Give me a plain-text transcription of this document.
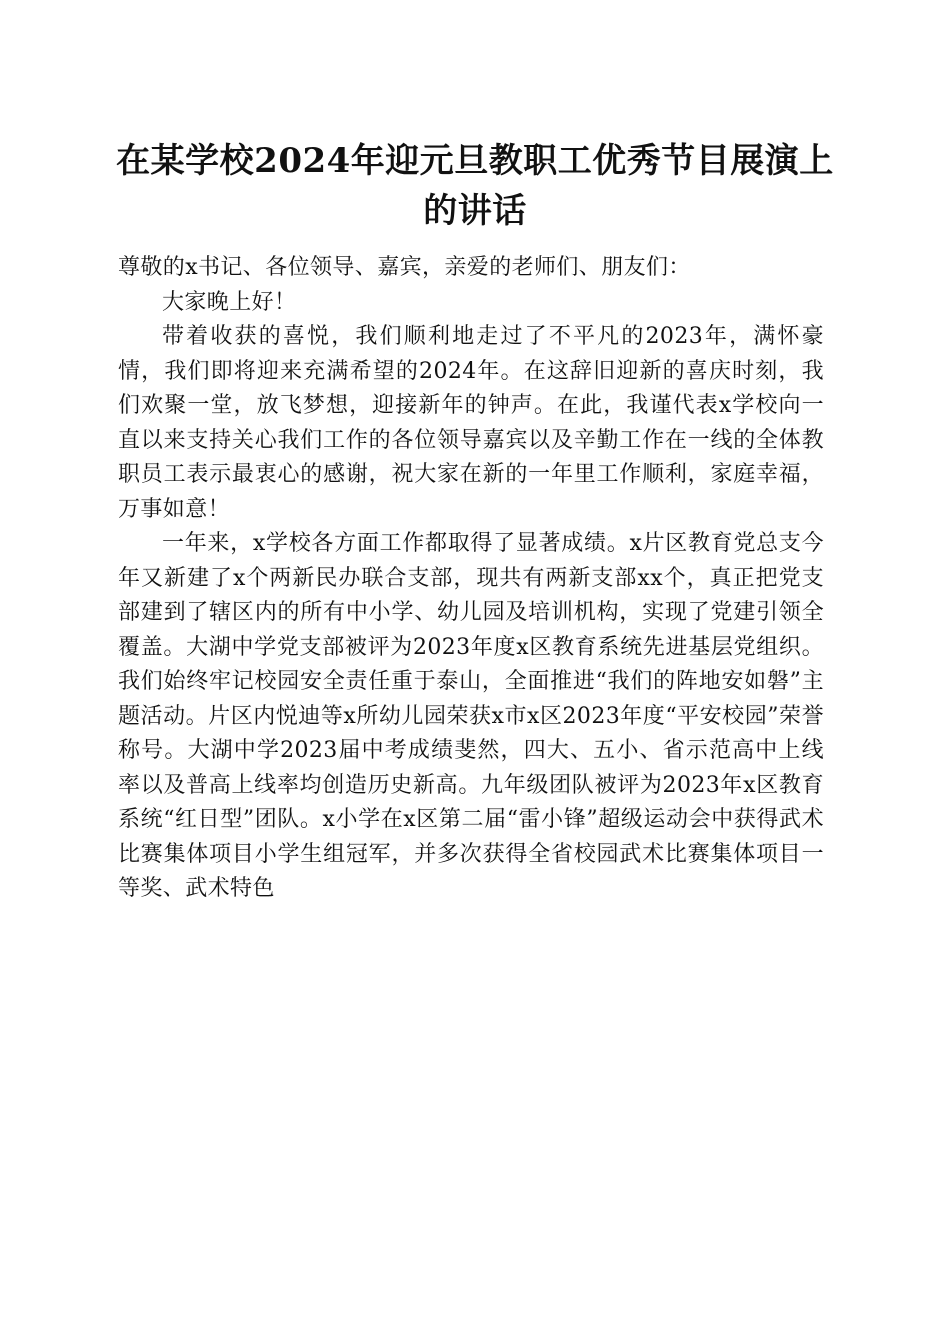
在某学校2024年迎元旦教职工优秀节目展演上的讲话

尊敬的x书记、各位领导、嘉宾，亲爱的老师们、朋友们：

大家晚上好！

带着收获的喜悦，我们顺利地走过了不平凡的2023年，满怀豪情，我们即将迎来充满希望的2024年。在这辞旧迎新的喜庆时刻，我们欢聚一堂，放飞梦想，迎接新年的钟声。在此，我谨代表x学校向一直以来支持关心我们工作的各位领导嘉宾以及辛勤工作在一线的全体教职员工表示最衷心的感谢，祝大家在新的一年里工作顺利，家庭幸福，万事如意！

一年来，x学校各方面工作都取得了显著成绩。x片区教育党总支今年又新建了x个两新民办联合支部，现共有两新支部xx个，真正把党支部建到了辖区内的所有中小学、幼儿园及培训机构，实现了党建引领全覆盖。大湖中学党支部被评为2023年度x区教育系统先进基层党组织。我们始终牢记校园安全责任重于泰山，全面推进“我们的阵地安如磐”主题活动。片区内悦迪等x所幼儿园荣获x市x区2023年度“平安校园”荣誉称号。大湖中学2023届中考成绩斐然，四大、五小、省示范高中上线率以及普高上线率均创造历史新高。九年级团队被评为2023年x区教育系统“红日型”团队。x小学在x区第二届“雷小锋”超级运动会中获得武术比赛集体项目小学生组冠军，并多次获得全省校园武术比赛集体项目一等奖、武术特色
